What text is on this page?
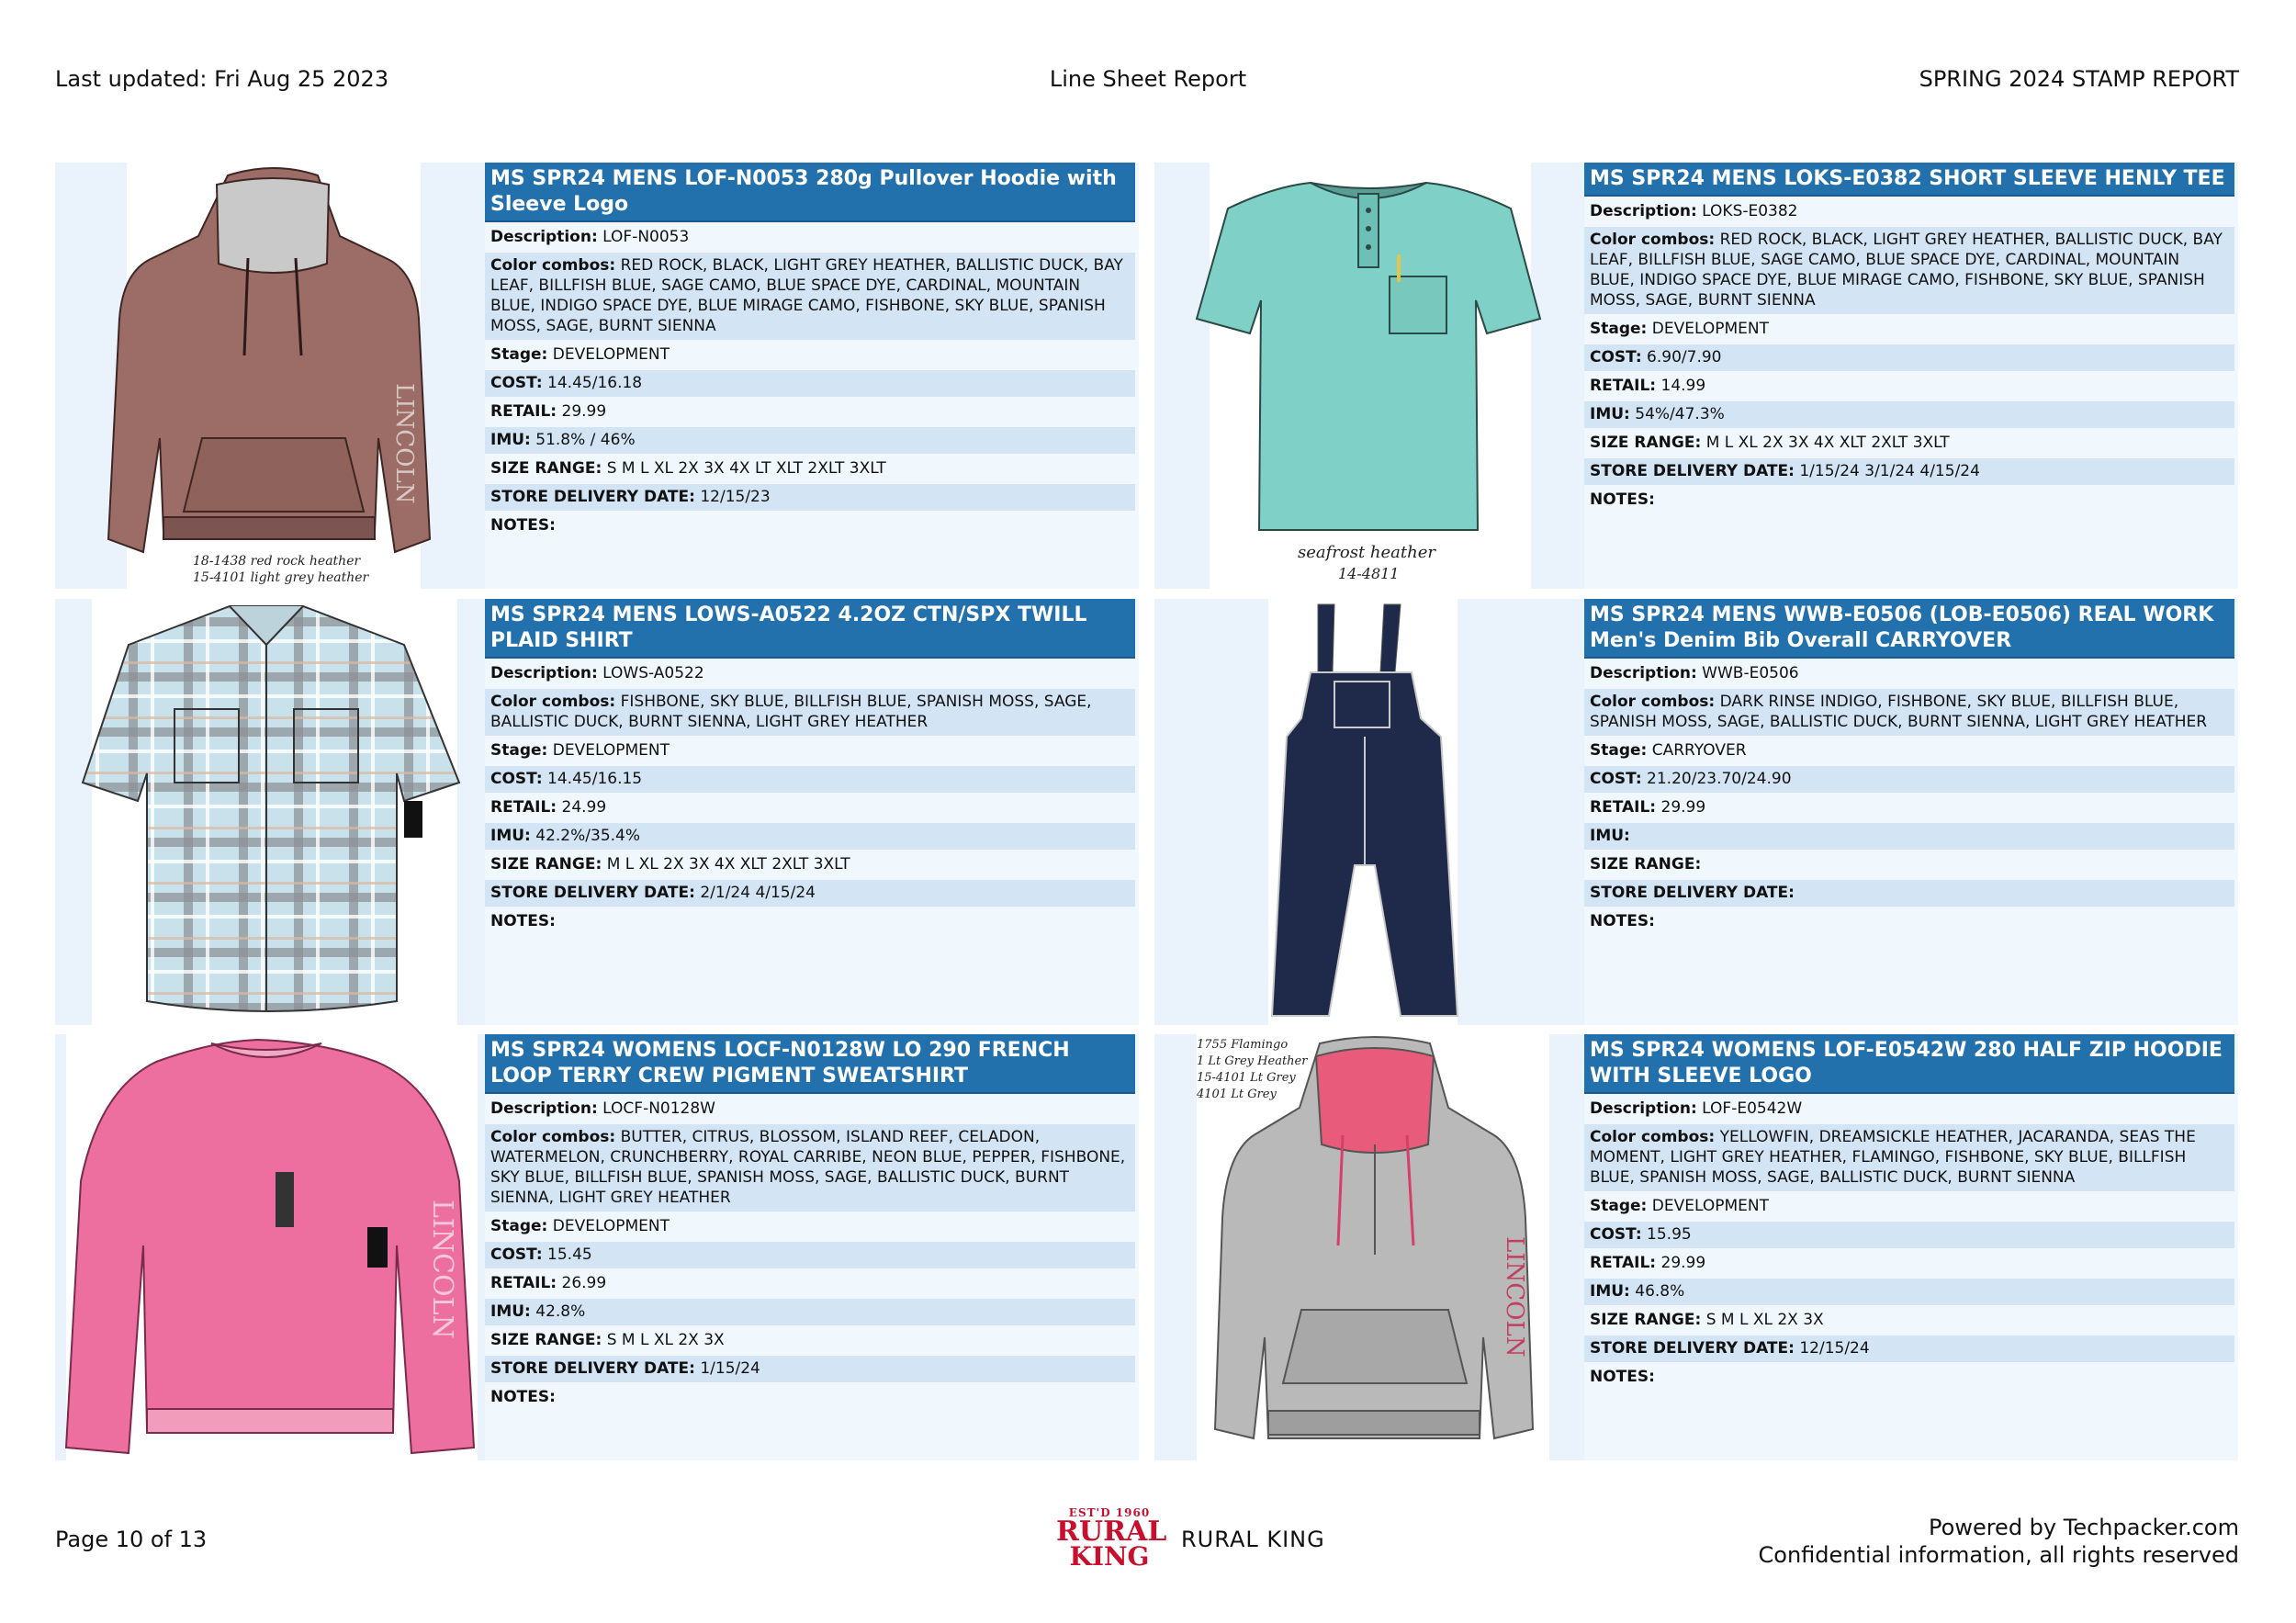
Last updated: Fri Aug 25 2023	Line Sheet Report	SPRING 2024 STAMP REPORT
LINCOLN
18-1438 red rock heather
15-4101 light grey heather
MS SPR24 MENS LOF-N0053 280g Pullover Hoodie with Sleeve Logo
Description: LOF-N0053
Color combos: RED ROCK, BLACK, LIGHT GREY HEATHER, BALLISTIC DUCK, BAY LEAF, BILLFISH BLUE, SAGE CAMO, BLUE SPACE DYE, CARDINAL, MOUNTAIN BLUE, INDIGO SPACE DYE, BLUE MIRAGE CAMO, FISHBONE, SKY BLUE, SPANISH MOSS, SAGE, BURNT SIENNA
Stage: DEVELOPMENT
COST: 14.45/16.18
RETAIL: 29.99
IMU: 51.8% / 46%
SIZE RANGE: S M L XL 2X 3X 4X LT XLT 2XLT 3XLT
STORE DELIVERY DATE: 12/15/23
NOTES:
seafrost heather
14-4811
MS SPR24 MENS LOKS-E0382 SHORT SLEEVE HENLY TEE
Description: LOKS-E0382
Color combos: RED ROCK, BLACK, LIGHT GREY HEATHER, BALLISTIC DUCK, BAY LEAF, BILLFISH BLUE, SAGE CAMO, BLUE SPACE DYE, CARDINAL, MOUNTAIN BLUE, INDIGO SPACE DYE, BLUE MIRAGE CAMO, FISHBONE, SKY BLUE, SPANISH MOSS, SAGE, BURNT SIENNA
Stage: DEVELOPMENT
COST: 6.90/7.90
RETAIL: 14.99
IMU: 54%/47.3%
SIZE RANGE: M L XL 2X 3X 4X XLT 2XLT 3XLT
STORE DELIVERY DATE: 1/15/24 3/1/24 4/15/24
NOTES:
MS SPR24 MENS LOWS-A0522 4.2OZ CTN/SPX TWILL PLAID SHIRT
Description: LOWS-A0522
Color combos: FISHBONE, SKY BLUE, BILLFISH BLUE, SPANISH MOSS, SAGE, BALLISTIC DUCK, BURNT SIENNA, LIGHT GREY HEATHER
Stage: DEVELOPMENT
COST: 14.45/16.15
RETAIL: 24.99
IMU: 42.2%/35.4%
SIZE RANGE: M L XL 2X 3X 4X XLT 2XLT 3XLT
STORE DELIVERY DATE: 2/1/24 4/15/24
NOTES:
MS SPR24 MENS WWB-E0506 (LOB-E0506) REAL WORK Men's Denim Bib Overall CARRYOVER
Description: WWB-E0506
Color combos: DARK RINSE INDIGO, FISHBONE, SKY BLUE, BILLFISH BLUE, SPANISH MOSS, SAGE, BALLISTIC DUCK, BURNT SIENNA, LIGHT GREY HEATHER
Stage: CARRYOVER
COST: 21.20/23.70/24.90
RETAIL: 29.99
IMU:
SIZE RANGE:
STORE DELIVERY DATE:
NOTES:
LINCOLN
MS SPR24 WOMENS LOCF-N0128W LO 290 FRENCH LOOP TERRY CREW PIGMENT SWEATSHIRT
Description: LOCF-N0128W
Color combos: BUTTER, CITRUS, BLOSSOM, ISLAND REEF, CELADON, WATERMELON, CRUNCHBERRY, ROYAL CARRIBE, NEON BLUE, PEPPER, FISHBONE, SKY BLUE, BILLFISH BLUE, SPANISH MOSS, SAGE, BALLISTIC DUCK, BURNT SIENNA, LIGHT GREY HEATHER
Stage: DEVELOPMENT
COST: 15.45
RETAIL: 26.99
IMU: 42.8%
SIZE RANGE: S M L XL 2X 3X
STORE DELIVERY DATE: 1/15/24
NOTES:
LINCOLN
1755 Flamingo
1 Lt Grey Heather
15-4101 Lt Grey
4101 Lt Grey
MS SPR24 WOMENS LOF-E0542W 280 HALF ZIP HOODIE WITH SLEEVE LOGO
Description: LOF-E0542W
Color combos: YELLOWFIN, DREAMSICKLE HEATHER, JACARANDA, SEAS THE MOMENT, LIGHT GREY HEATHER, FLAMINGO, FISHBONE, SKY BLUE, BILLFISH BLUE, SPANISH MOSS, SAGE, BALLISTIC DUCK, BURNT SIENNA
Stage: DEVELOPMENT
COST: 15.95
RETAIL: 29.99
IMU: 46.8%
SIZE RANGE: S M L XL 2X 3X
STORE DELIVERY DATE: 12/15/24
NOTES:
Page 10 of 13
EST'D 1960
RURAL
KING
RURAL KING	Powered by Techpacker.com
Confidential information, all rights reserved
